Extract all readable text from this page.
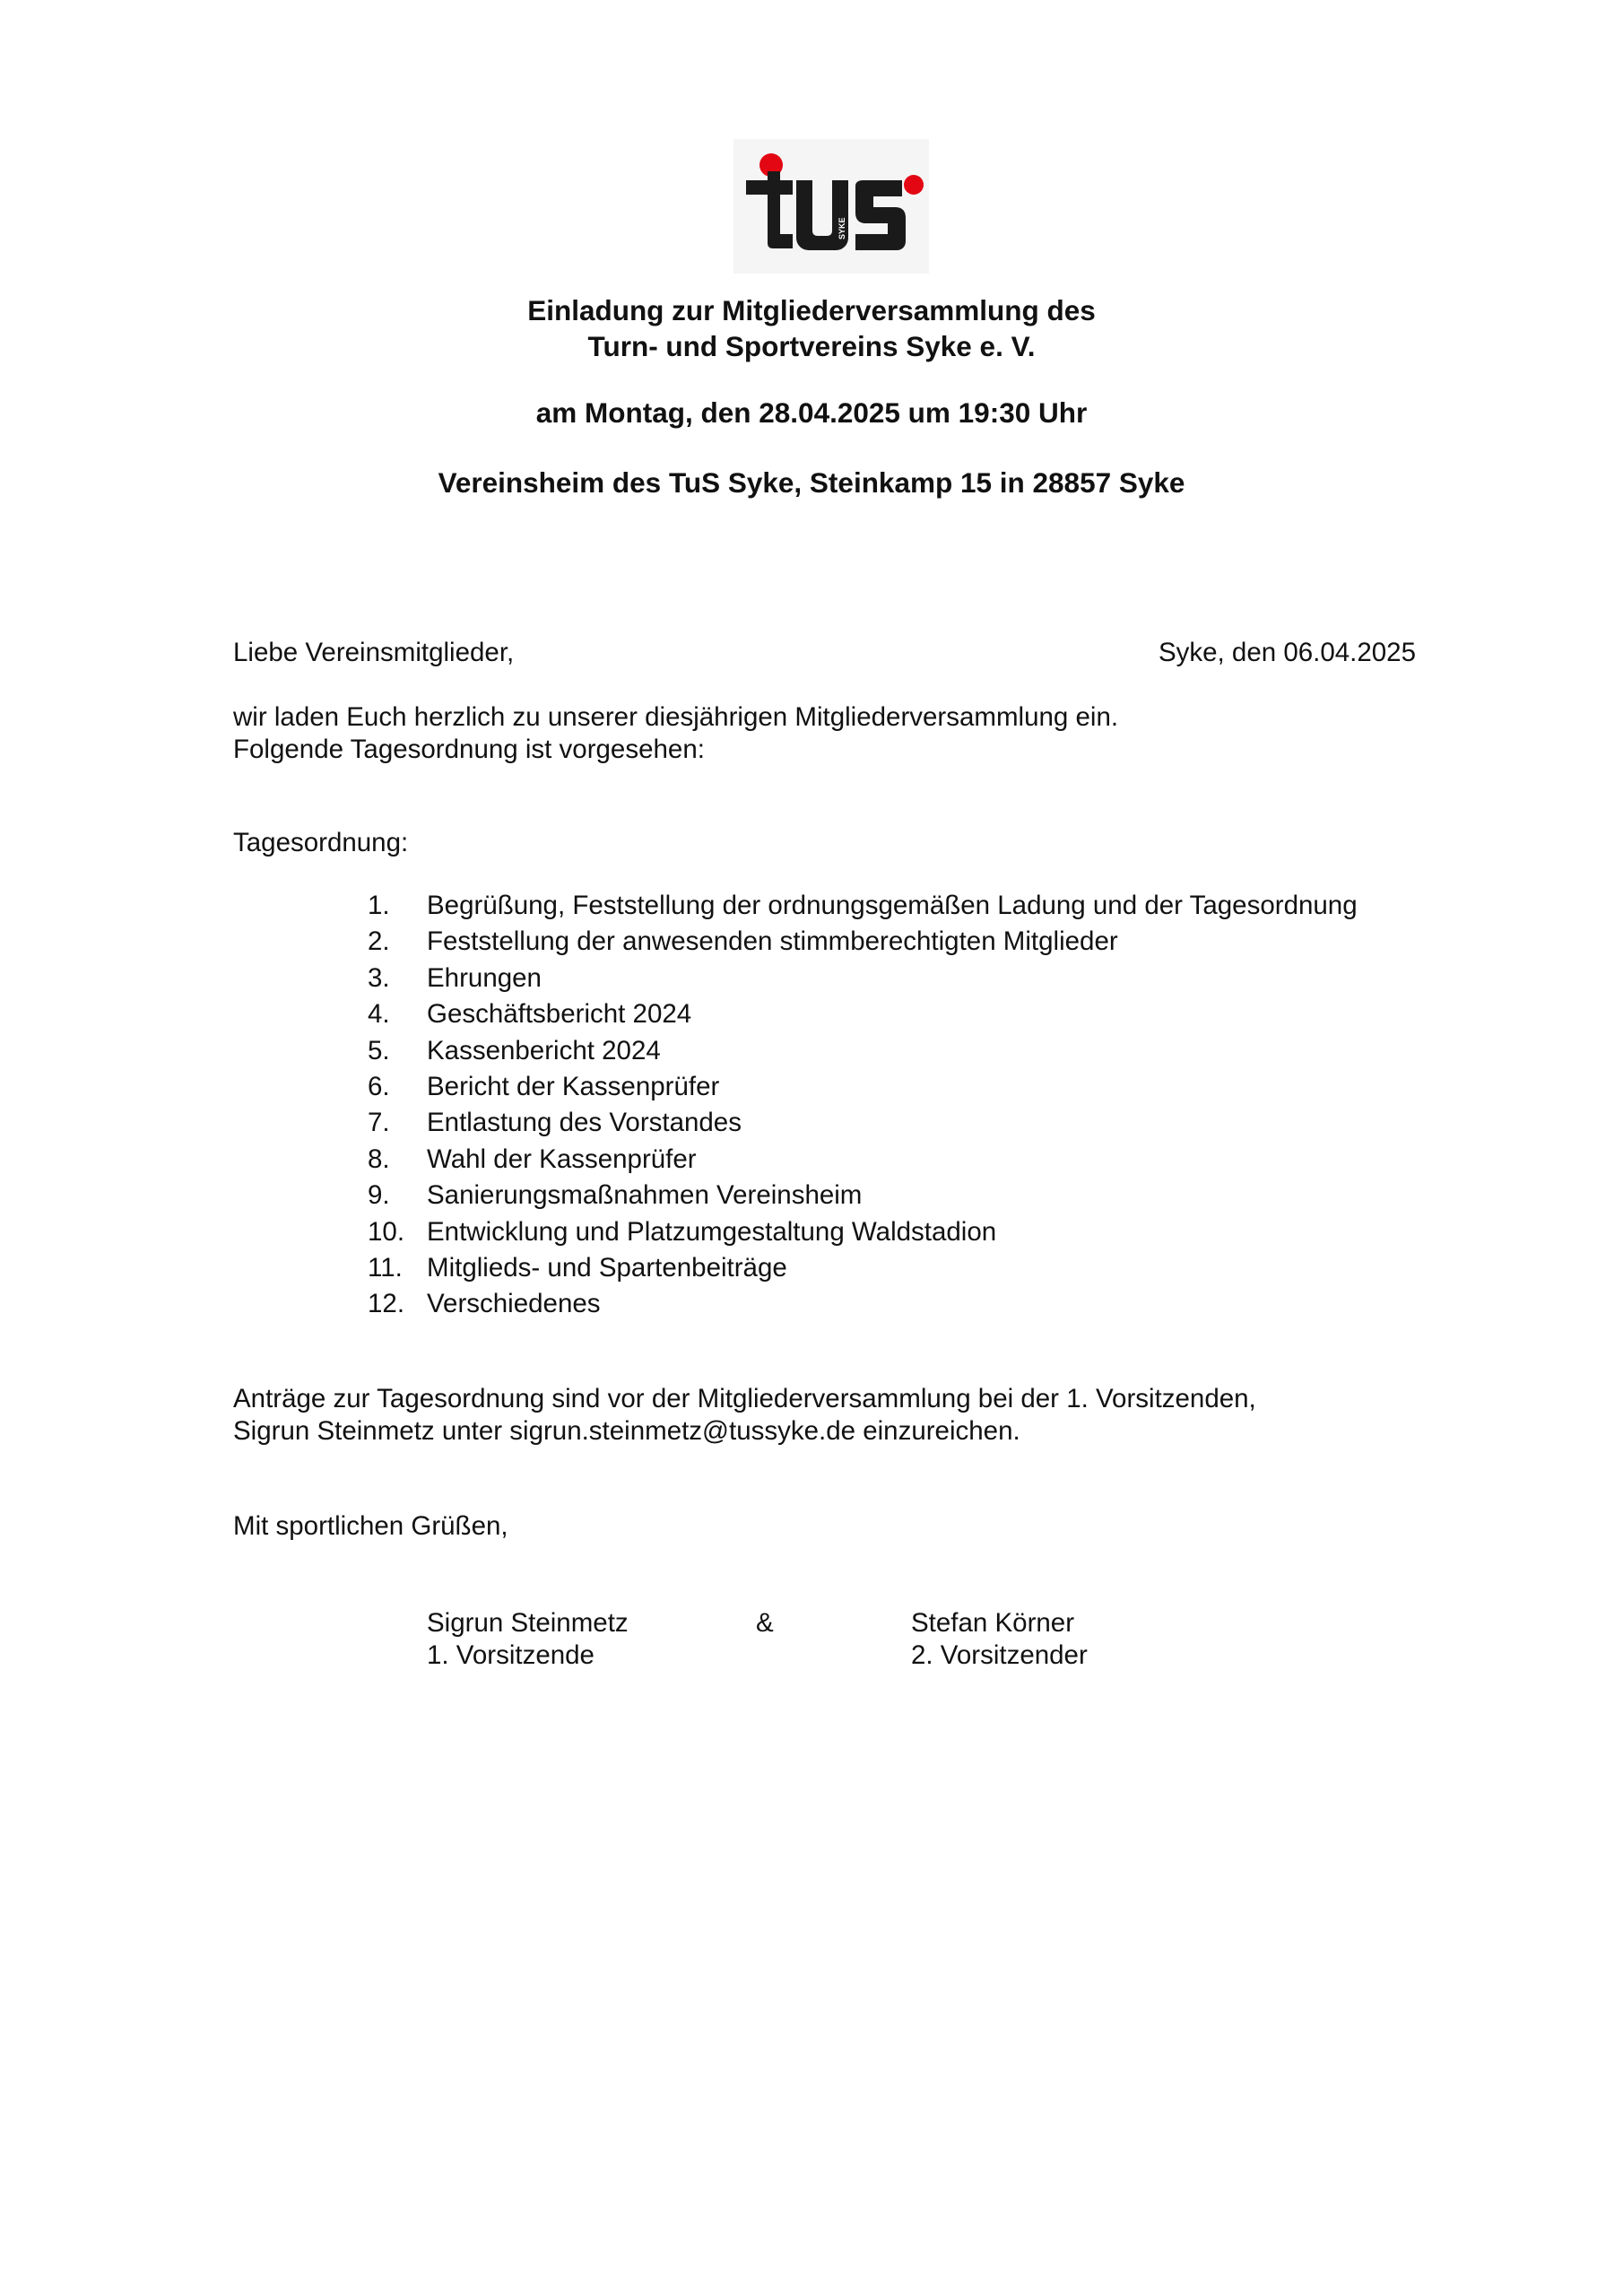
SYKE
Einladung zur Mitgliederversammlung des
Turn- und Sportvereins Syke e. V.
am Montag, den 28.04.2025 um 19:30 Uhr
Vereinsheim des TuS Syke, Steinkamp 15 in 28857 Syke
Liebe Vereinsmitglieder,	Syke, den 06.04.2025
wir laden Euch herzlich zu unserer diesjährigen Mitgliederversammlung ein.
Folgende Tagesordnung ist vorgesehen:
Tagesordnung:
1.	Begrüßung, Feststellung der ordnungsgemäßen Ladung und der Tagesordnung
2.	Feststellung der anwesenden stimmberechtigten Mitglieder
3.	Ehrungen
4.	Geschäftsbericht 2024
5.	Kassenbericht 2024
6.	Bericht der Kassenprüfer
7.	Entlastung des Vorstandes
8.	Wahl der Kassenprüfer
9.	Sanierungsmaßnahmen Vereinsheim
10. Entwicklung und Platzumgestaltung Waldstadion
11. Mitglieds- und Spartenbeiträge
12. Verschiedenes
Anträge zur Tagesordnung sind vor der Mitgliederversammlung bei der 1. Vorsitzenden,
Sigrun Steinmetz unter sigrun.steinmetz@tussyke.de einzureichen.
Mit sportlichen Grüßen,
Sigrun Steinmetz	&	Stefan Körner
1. Vorsitzende	2. Vorsitzender
